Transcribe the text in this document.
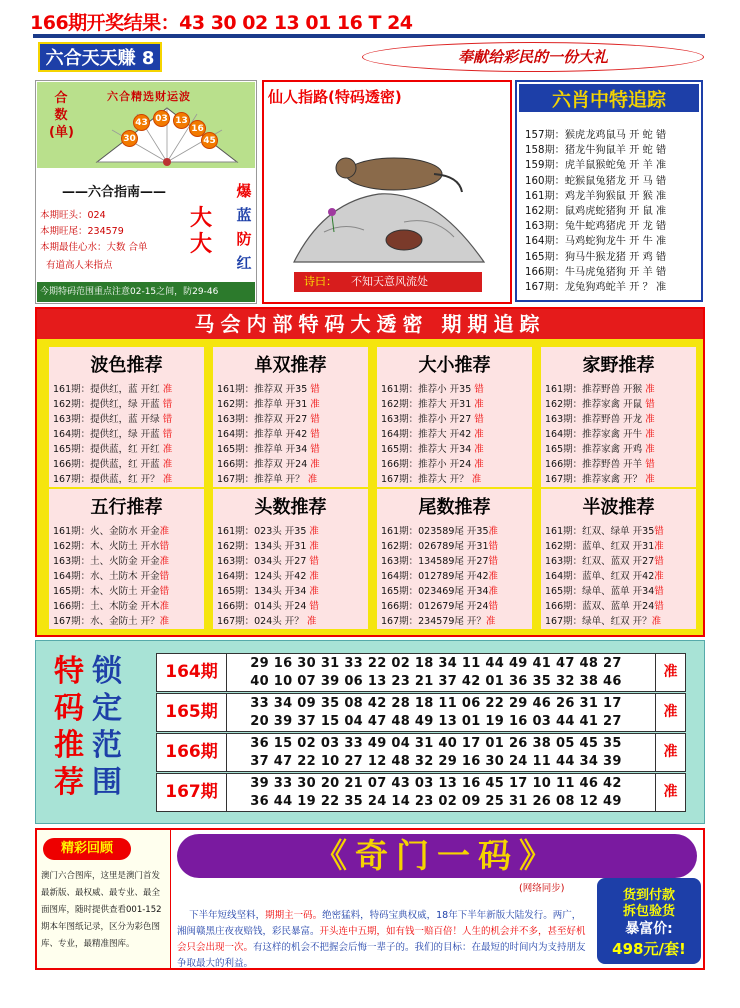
166期开奖结果：43 30 02 13 01 16 T 24
六合天天赚 8	奉献给彩民的一份大礼
合数(单)
六合精选财运波
30
43 03 13
16
45
——六合指南——
本期旺头：024
本期旺尾：234579
本期最佳心水：大数 合单
有道高人来指点
大大
爆
蓝
防
红
今期特码范围重点注意02-15之间，防29-46
仙人指路(特码透密)
诗曰： 不知天意风流处
六肖中特追踪
157期：猴虎龙鸡鼠马 开 蛇 错
158期：猪龙牛狗鼠羊 开 蛇 错
159期：虎羊鼠猴蛇兔 开 羊 准
160期：蛇猴鼠兔猪龙 开 马 错
161期：鸡龙羊狗猴鼠 开 猴 准
162期：鼠鸡虎蛇猪狗 开 鼠 准
163期：兔牛蛇鸡猪虎 开 龙 错
164期：马鸡蛇狗龙牛 开 牛 准
165期：狗马牛猴龙猪 开 鸡 错
166期：牛马虎兔猪狗 开 羊 错
167期：龙兔狗鸡蛇羊 开 ？ 准
马会内部特码大透密 期期追踪
波色推荐
161期：提供红，蓝 开红 准
162期：提供红，绿 开蓝 错
163期：提供红，蓝 开绿 错
164期：提供红，绿 开蓝 错
165期：提供蓝，红 开红 准
166期：提供蓝，红 开蓝 准
167期：提供蓝，红 开？ 准
单双推荐
161期：推荐双 开35 错
162期：推荐单 开31 准
163期：推荐双 开27 错
164期：推荐单 开42 错
165期：推荐单 开34 错
166期：推荐双 开24 准
167期：推荐单 开？ 准
大小推荐
161期：推荐小 开35 错
162期：推荐大 开31 准
163期：推荐小 开27 错
164期：推荐大 开42 准
165期：推荐大 开34 准
166期：推荐小 开24 准
167期：推荐大 开？ 准
家野推荐
161期：推荐野兽 开猴 准
162期：推荐家禽 开鼠 错
163期：推荐野兽 开龙 准
164期：推荐家禽 开牛 准
165期：推荐家禽 开鸡 准
166期：推荐野兽 开羊 错
167期：推荐家禽 开？ 准
五行推荐
161期：火、金防水 开金准
162期：木、火防土 开水错
163期：土、火防金 开金准
164期：水、土防木 开金错
165期：木、火防土 开金错
166期：土、木防金 开木准
167期：水、金防土 开？准
头数推荐
161期：023头 开35 准
162期：134头 开31 准
163期：034头 开27 错
164期：124头 开42 准
165期：134头 开34 准
166期：014头 开24 错
167期：024头 开？ 准
尾数推荐
161期：023589尾 开35准
162期：026789尾 开31错
163期：134589尾 开27错
164期：012789尾 开42准
165期：023469尾 开34准
166期：012679尾 开24错
167期：234579尾 开？准
半波推荐
161期：红双、绿单 开35错
162期：蓝单、红双 开31准
163期：红双、蓝双 开27错
164期：蓝单、红双 开42准
165期：绿单、蓝单 开34错
166期：蓝双、蓝单 开24错
167期：绿单、红双 开？准
特 锁
码 定
推 范
荐 围
164期	29 16 30 31 33 22 02 18 34 11 44 49 41 47 48 27
40 10 07 39 06 13 23 21 37 42 01 36 35 32 38 46
准
165期	33 34 09 35 08 42 28 18 11 06 22 29 46 26 31 17
20 39 37 15 04 47 48 49 13 01 19 16 03 44 41 27
准
166期	36 15 02 03 33 49 04 31 40 17 01 26 38 05 45 35
37 47 22 10 27 12 48 32 29 16 30 24 11 44 34 39
准
167期	39 33 30 20 21 07 43 03 13 16 45 17 10 11 46 42
36 44 19 22 35 24 14 23 02 09 25 31 26 08 12 49
准
精彩回顾
澳门六合图库，这里是澳门首发最新版、最权威、最专业、最全面图库，随时提供查看001-152期本年图纸记录，区分为彩色图库、专业，最精准图库。
《奇门一码》
(网络同步)
下半年短线坚料，期期主一码。绝密猛料，特码宝典权威，18年下半年新版大陆发行。两广，湘闽赣黑庄夜夜赔钱，彩民暴富。开头连中五期，如有钱一赔百倍！人生的机会并不多，甚至好机会只会出现一次。有这样的机会不把握会后悔一辈子的。我们的目标：在最短的时间内为支持朋友争取最大的利益。
货到付款
拆包验货
暴富价:
498元/套!
